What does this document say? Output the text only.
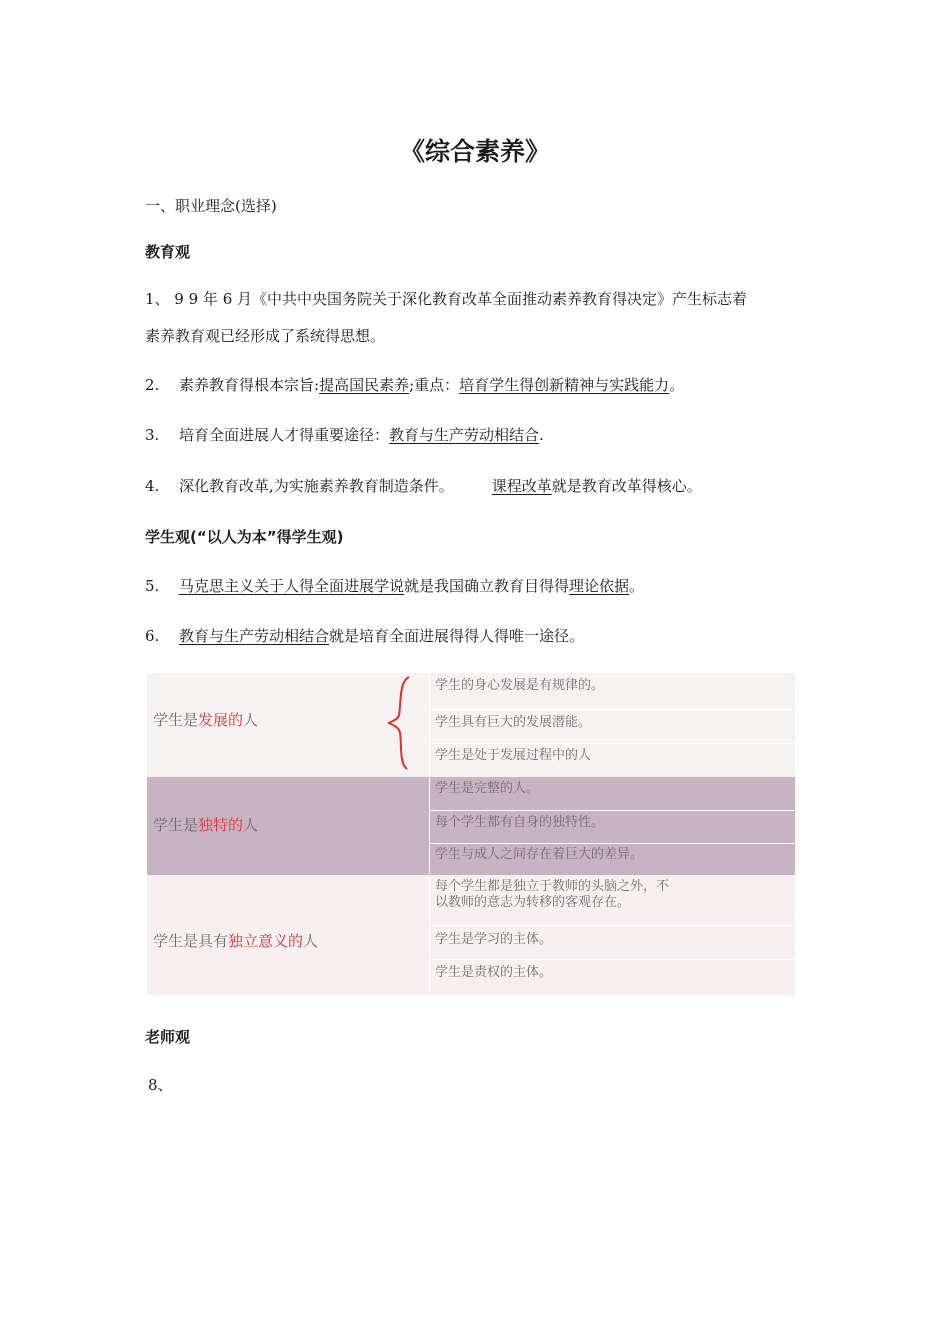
《综合素养》
一、职业理念(选择)
教育观
1、 9 9 年 6 月《中共中央国务院关于深化教育改革全面推动素养教育得决定》产生标志着
素养教育观已经形成了系统得思想。
2. 素养教育得根本宗旨:提高国民素养;重点：培育学生得创新精神与实践能力。
3. 培育全面进展人才得重要途径：教育与生产劳动相结合.
4. 深化教育改革,为实施素养教育制造条件。	课程改革就是教育改革得核心。
学生观(“以人为本”得学生观)
5. 马克思主义关于人得全面进展学说就是我国确立教育目得得理论依据。
6. 教育与生产劳动相结合就是培育全面进展得得人得唯一途径。
学生是发展的人
学生的身心发展是有规律的。
学生具有巨大的发展潜能。
学生是处于发展过程中的人
学生是独特的人
学生是完整的人。
每个学生都有自身的独特性。
学生与成人之间存在着巨大的差异。
学生是具有独立意义的人
每个学生都是独立于教师的头脑之外，不
以教师的意志为转移的客观存在。
学生是学习的主体。
学生是责权的主体。
老师观
8、
